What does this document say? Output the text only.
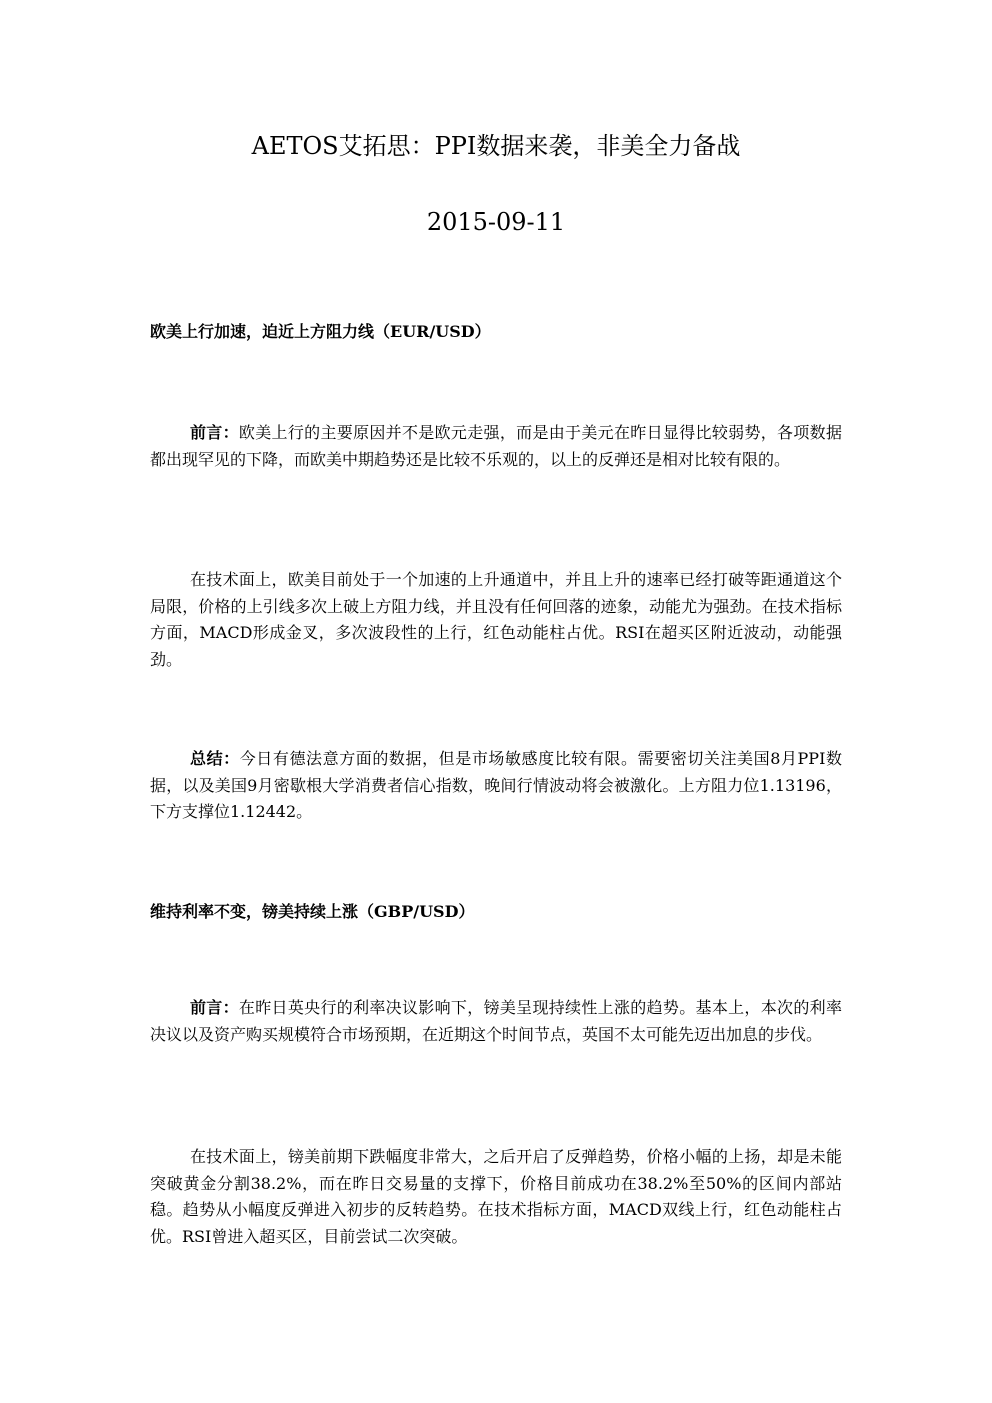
AETOS艾拓思：PPI数据来袭，非美全力备战
2015-09-11
欧美上行加速，迫近上方阻力线（EUR/USD）

前言：欧美上行的主要原因并不是欧元走强，而是由于美元在昨日显得比较弱势，各项数据都出现罕见的下降，而欧美中期趋势还是比较不乐观的，以上的反弹还是相对比较有限的。

在技术面上，欧美目前处于一个加速的上升通道中，并且上升的速率已经打破等距通道这个局限，价格的上引线多次上破上方阻力线，并且没有任何回落的迹象，动能尤为强劲。在技术指标方面，MACD形成金叉，多次波段性的上行，红色动能柱占优。RSI在超买区附近波动，动能强劲。

总结：今日有德法意方面的数据，但是市场敏感度比较有限。需要密切关注美国8月PPI数据，以及美国9月密歇根大学消费者信心指数，晚间行情波动将会被激化。上方阻力位1.13196，下方支撑位1.12442。

维持利率不变，镑美持续上涨（GBP/USD）

前言：在昨日英央行的利率决议影响下，镑美呈现持续性上涨的趋势。基本上，本次的利率决议以及资产购买规模符合市场预期，在近期这个时间节点，英国不太可能先迈出加息的步伐。

在技术面上，镑美前期下跌幅度非常大，之后开启了反弹趋势，价格小幅的上扬，却是未能突破黄金分割38.2%，而在昨日交易量的支撑下，价格目前成功在38.2%至50%的区间内部站稳。趋势从小幅度反弹进入初步的反转趋势。在技术指标方面，MACD双线上行，红色动能柱占优。RSI曾进入超买区，目前尝试二次突破。
